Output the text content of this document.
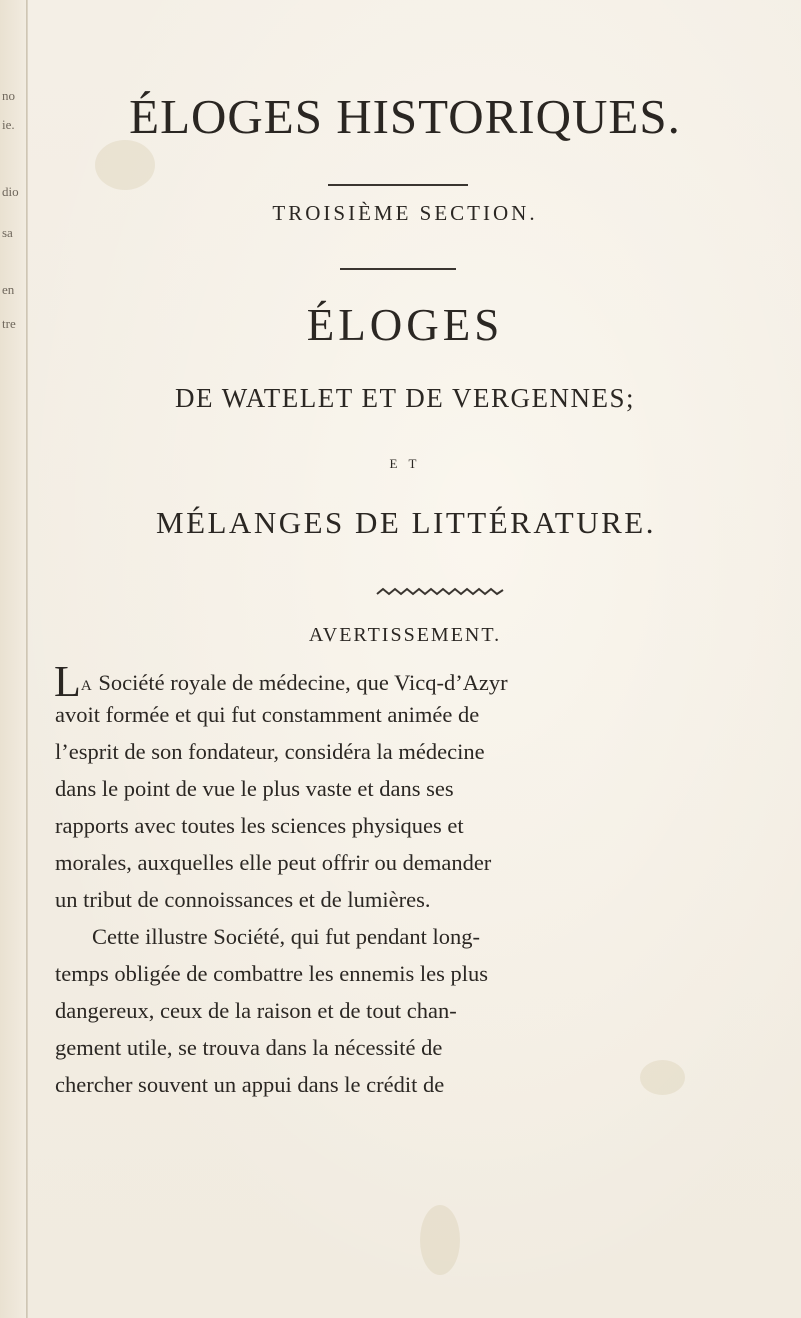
no
ie.
dio
sa
en
tre
ÉLOGES HISTORIQUES.
TROISIÈME SECTION.
ÉLOGES
DE WATELET ET DE VERGENNES;
E T
MÉLANGES DE LITTÉRATURE.
AVERTISSEMENT.
LA Société royale de médecine, que Vicq-d’Azyr
avoit formée et qui fut constamment animée de
l’esprit de son fondateur, considéra la médecine
dans le point de vue le plus vaste et dans ses
rapports avec toutes les sciences physiques et
morales, auxquelles elle peut offrir ou demander
un tribut de connoissances et de lumières.
Cette illustre Société, qui fut pendant long-
temps obligée de combattre les ennemis les plus
dangereux, ceux de la raison et de tout chan-
gement utile, se trouva dans la nécessité de
chercher souvent un appui dans le crédit de
